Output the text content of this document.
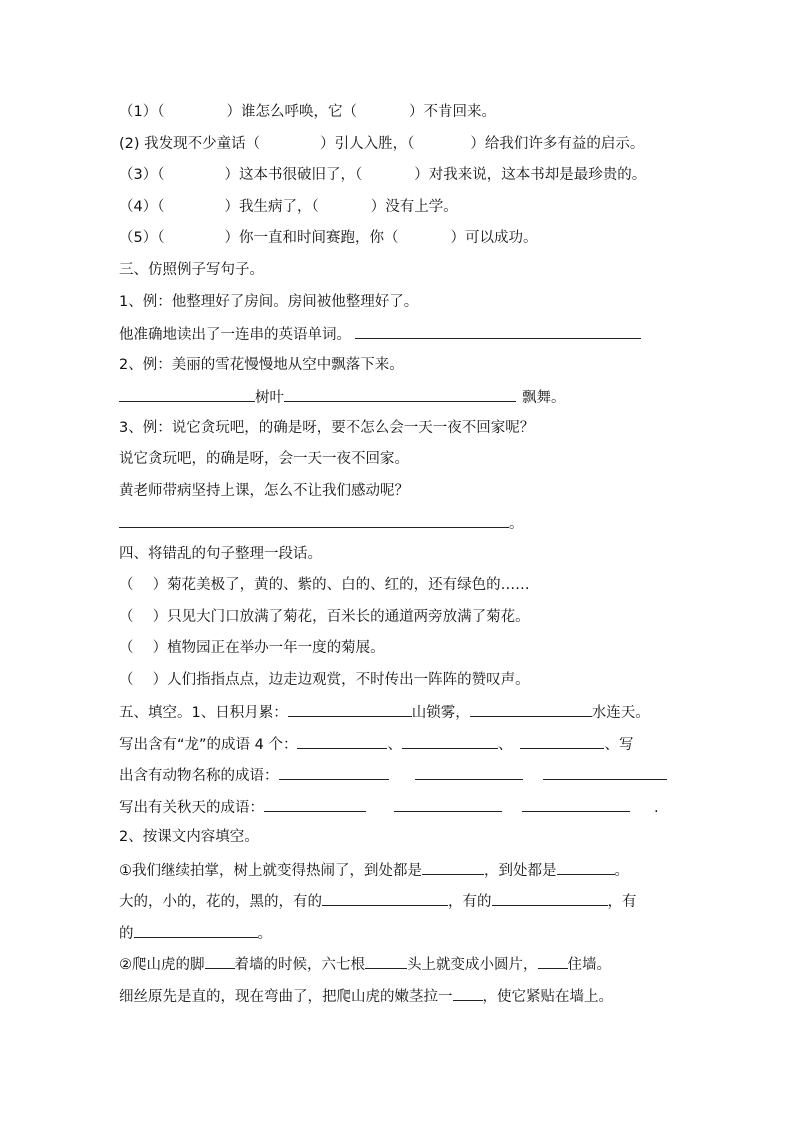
（1）（	）谁怎么呼唤，它（	）不肯回来。
(2) 我发现不少童话（	）引人入胜，（	）给我们许多有益的启示。
（3）（	）这本书很破旧了，（	）对我来说，这本书却是最珍贵的。
（4）（	）我生病了，（	）没有上学。
（5）（	）你一直和时间赛跑，你（	）可以成功。
三、仿照例子写句子。
1、例：他整理好了房间。房间被他整理好了。
他准确地读出了一连串的英语单词。
2、例：美丽的雪花慢慢地从空中飘落下来。
树叶	飘舞。
3、例：说它贪玩吧，的确是呀，要不怎么会一天一夜不回家呢？
说它贪玩吧，的确是呀，会一天一夜不回家。
黄老师带病坚持上课，怎么不让我们感动呢？
。
四、将错乱的句子整理一段话。
（　 ）菊花美极了，黄的、紫的、白的、红的，还有绿色的……
（　 ）只见大门口放满了菊花，百米长的通道两旁放满了菊花。
（　 ）植物园正在举办一年一度的菊展。
（　 ）人们指指点点，边走边观赏，不时传出一阵阵的赞叹声。
五、填空。1、日积月累：	山锁雾，	水连天。
写出含有“龙”的成语 4 个：	、	、	、写
出含有动物名称的成语：
写出有关秋天的成语：	.
2、按课文内容填空。
①我们继续拍掌，树上就变得热闹了，到处都是	，到处都是	。
大的，小的，花的，黑的，有的	，有的	，有
的	。
②爬山虎的脚 着墙的时候，六七根	头上就变成小圆片， 住墙。
细丝原先是直的，现在弯曲了，把爬山虎的嫩茎拉一 ，使它紧贴在墙上。
